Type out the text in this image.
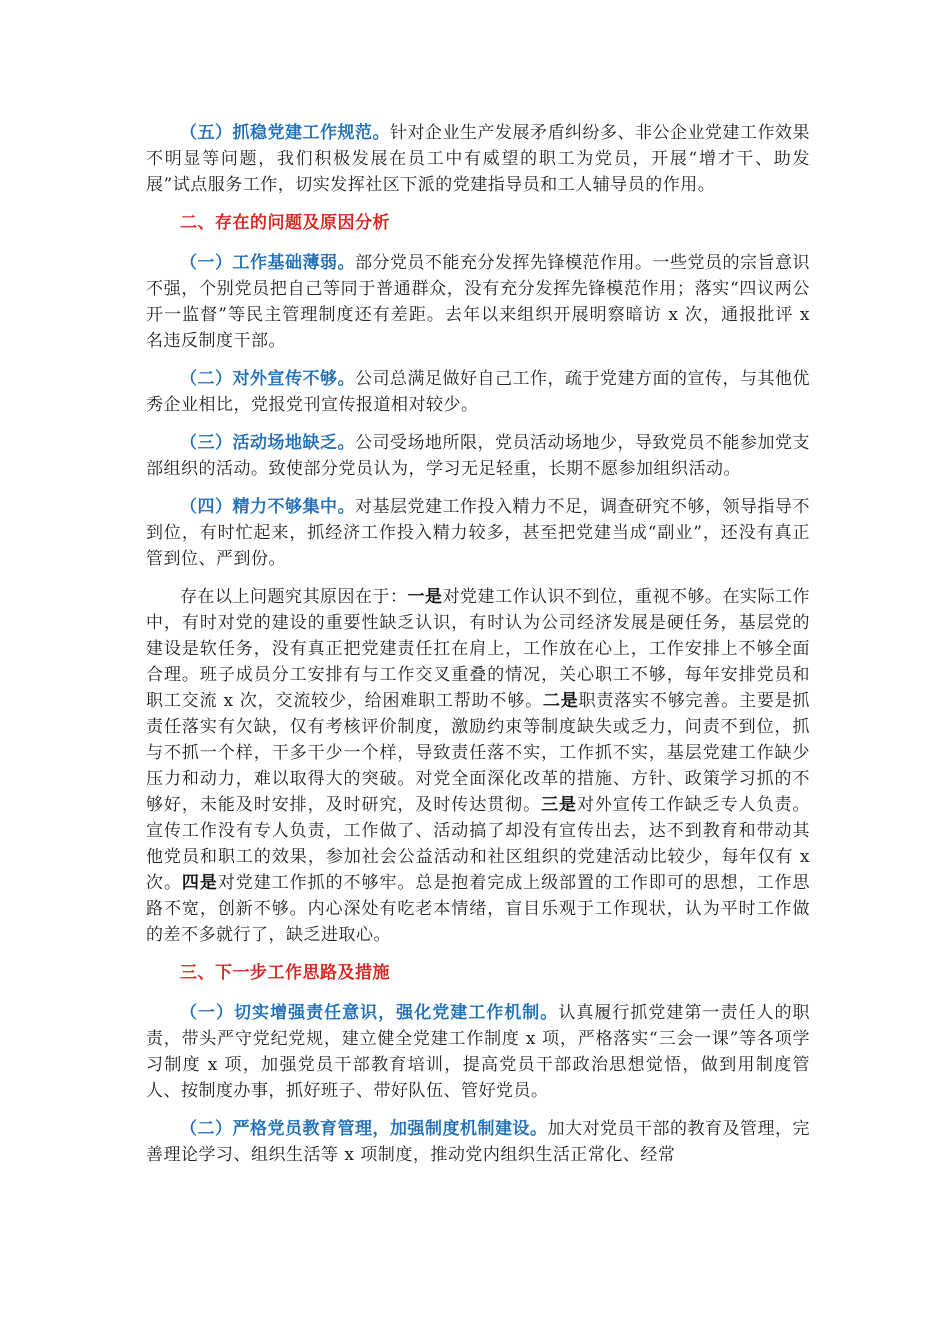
（五）抓稳党建工作规范。针对企业生产发展矛盾纠纷多、非公企业党建工作效果不明显等问题，我们积极发展在员工中有威望的职工为党员，开展“增才干、助发展”试点服务工作，切实发挥社区下派的党建指导员和工人辅导员的作用。

二、存在的问题及原因分析

（一）工作基础薄弱。部分党员不能充分发挥先锋模范作用。一些党员的宗旨意识不强，个别党员把自己等同于普通群众，没有充分发挥先锋模范作用；落实“四议两公开一监督”等民主管理制度还有差距。去年以来组织开展明察暗访 x 次，通报批评 x 名违反制度干部。

（二）对外宣传不够。公司总满足做好自己工作，疏于党建方面的宣传，与其他优秀企业相比，党报党刊宣传报道相对较少。

（三）活动场地缺乏。公司受场地所限，党员活动场地少，导致党员不能参加党支部组织的活动。致使部分党员认为，学习无足轻重，长期不愿参加组织活动。

（四）精力不够集中。对基层党建工作投入精力不足，调查研究不够，领导指导不到位，有时忙起来，抓经济工作投入精力较多，甚至把党建当成“副业”，还没有真正管到位、严到份。

存在以上问题究其原因在于：一是对党建工作认识不到位，重视不够。在实际工作中，有时对党的建设的重要性缺乏认识，有时认为公司经济发展是硬任务，基层党的建设是软任务，没有真正把党建责任扛在肩上，工作放在心上，工作安排上不够全面合理。班子成员分工安排有与工作交叉重叠的情况，关心职工不够，每年安排党员和职工交流 x 次，交流较少，给困难职工帮助不够。二是职责落实不够完善。主要是抓责任落实有欠缺，仅有考核评价制度，激励约束等制度缺失或乏力，问责不到位，抓与不抓一个样，干多干少一个样，导致责任落不实，工作抓不实，基层党建工作缺少压力和动力，难以取得大的突破。对党全面深化改革的措施、方针、政策学习抓的不够好，未能及时安排，及时研究，及时传达贯彻。三是对外宣传工作缺乏专人负责。宣传工作没有专人负责，工作做了、活动搞了却没有宣传出去，达不到教育和带动其他党员和职工的效果，参加社会公益活动和社区组织的党建活动比较少，每年仅有 x 次。四是对党建工作抓的不够牢。总是抱着完成上级部置的工作即可的思想，工作思路不宽，创新不够。内心深处有吃老本情绪，盲目乐观于工作现状，认为平时工作做的差不多就行了，缺乏进取心。

三、下一步工作思路及措施

（一）切实增强责任意识，强化党建工作机制。认真履行抓党建第一责任人的职责，带头严守党纪党规，建立健全党建工作制度 x 项，严格落实“三会一课”等各项学习制度 x 项，加强党员干部教育培训，提高党员干部政治思想觉悟，做到用制度管人、按制度办事，抓好班子、带好队伍、管好党员。

（二）严格党员教育管理，加强制度机制建设。加大对党员干部的教育及管理，完善理论学习、组织生活等 x 项制度，推动党内组织生活正常化、经常
